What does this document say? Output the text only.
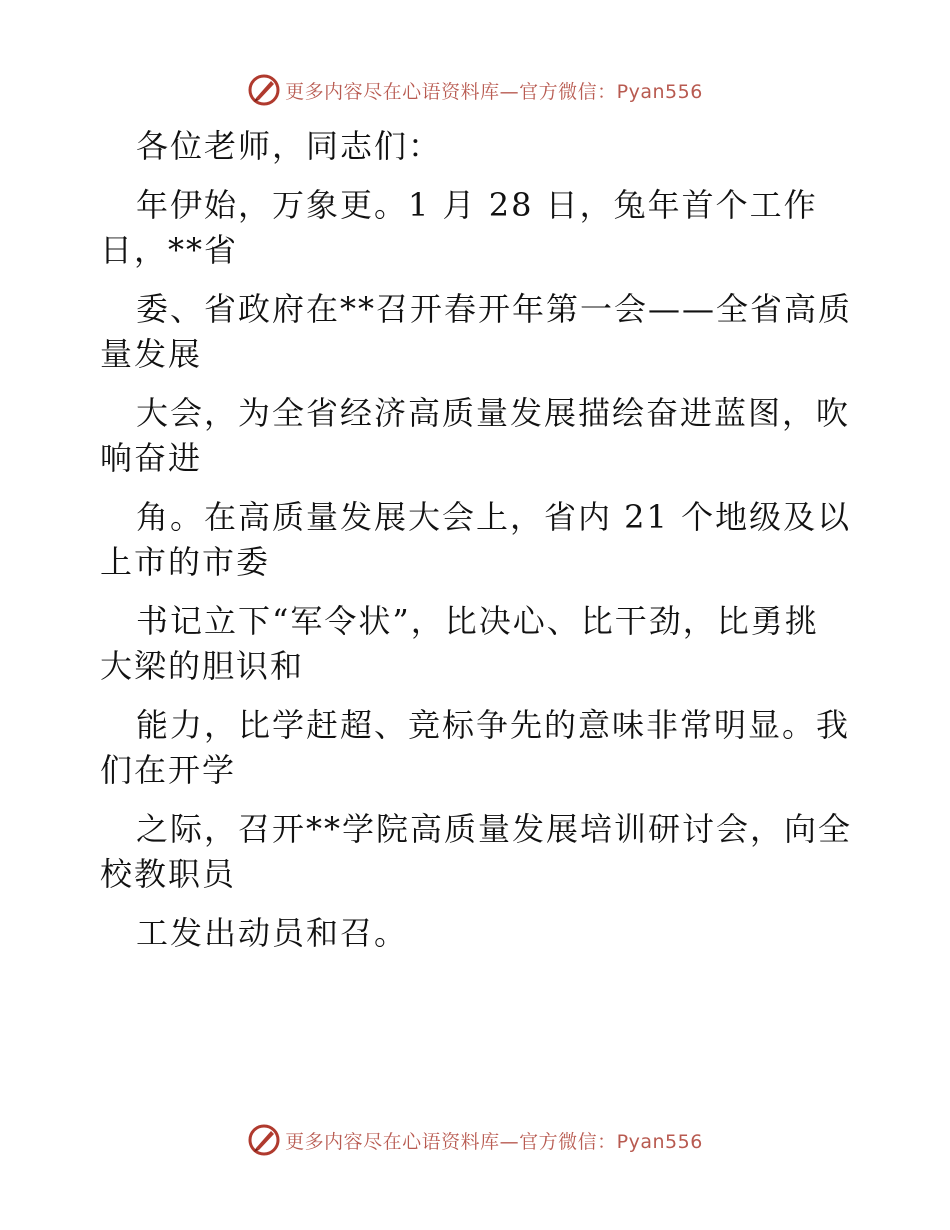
更多内容尽在心语资料库—官方微信：Pyan556
各位老师，同志们：
年伊始，万象更。1 月 28 日，兔年首个工作
日，**省
委、省政府在**召开春开年第一会——全省高质
量发展
大会，为全省经济高质量发展描绘奋进蓝图，吹
响奋进
角。在高质量发展大会上，省内 21 个地级及以
上市的市委
书记立下“军令状”，比决心、比干劲，比勇挑
大梁的胆识和
能力，比学赶超、竞标争先的意味非常明显。我
们在开学
之际，召开**学院高质量发展培训研讨会，向全
校教职员
工发出动员和召。
更多内容尽在心语资料库—官方微信：Pyan556
